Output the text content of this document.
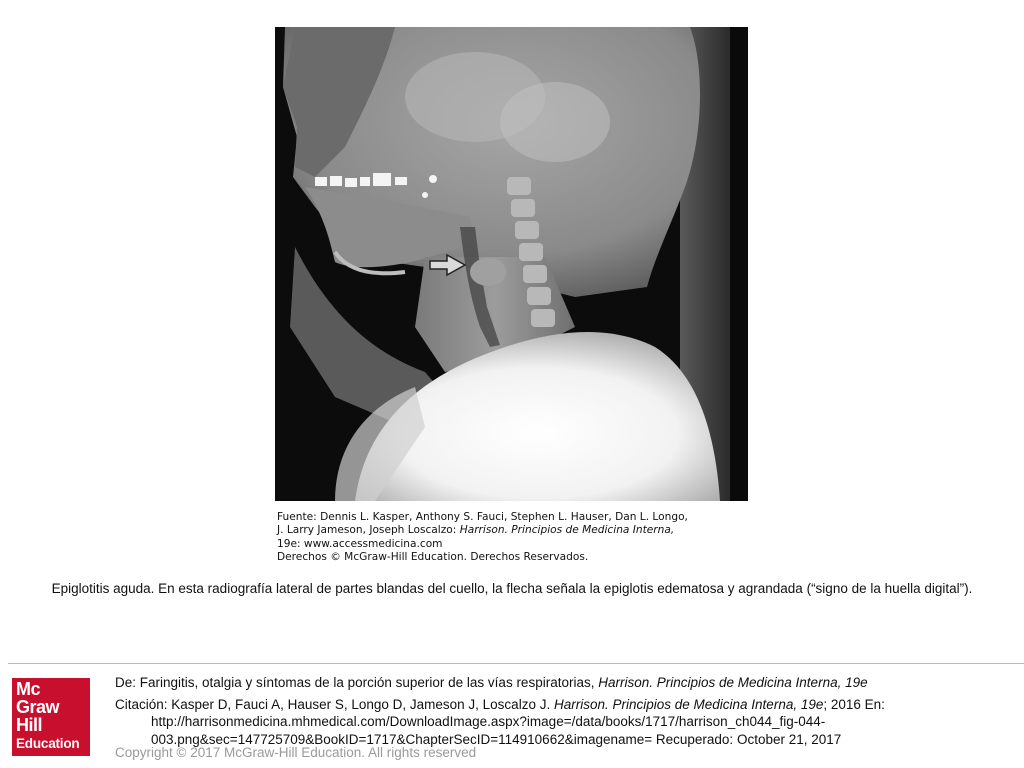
Fuente: Dennis L. Kasper, Anthony S. Fauci, Stephen L. Hauser, Dan L. Longo,
J. Larry Jameson, Joseph Loscalzo: Harrison. Principios de Medicina Interna,
19e: www.accessmedicina.com
Derechos © McGraw-Hill Education. Derechos Reservados.
Epiglotitis aguda. En esta radiografía lateral de partes blandas del cuello, la flecha señala la epiglotis edematosa y agrandada (“signo de la huella digital”).
Mc
Graw
Hill
Education
De: Faringitis, otalgia y síntomas de la porción superior de las vías respiratorias, Harrison. Principios de Medicina Interna, 19e
Citación: Kasper D, Fauci A, Hauser S, Longo D, Jameson J, Loscalzo J. Harrison. Principios de Medicina Interna, 19e; 2016 En: http://harrisonmedicina.mhmedical.com/DownloadImage.aspx?image=/data/books/1717/harrison_ch044_fig-044-003.png&sec=147725709&BookID=1717&ChapterSecID=114910662&imagename= Recuperado: October 21, 2017
Copyright © 2017 McGraw-Hill Education. All rights reserved
